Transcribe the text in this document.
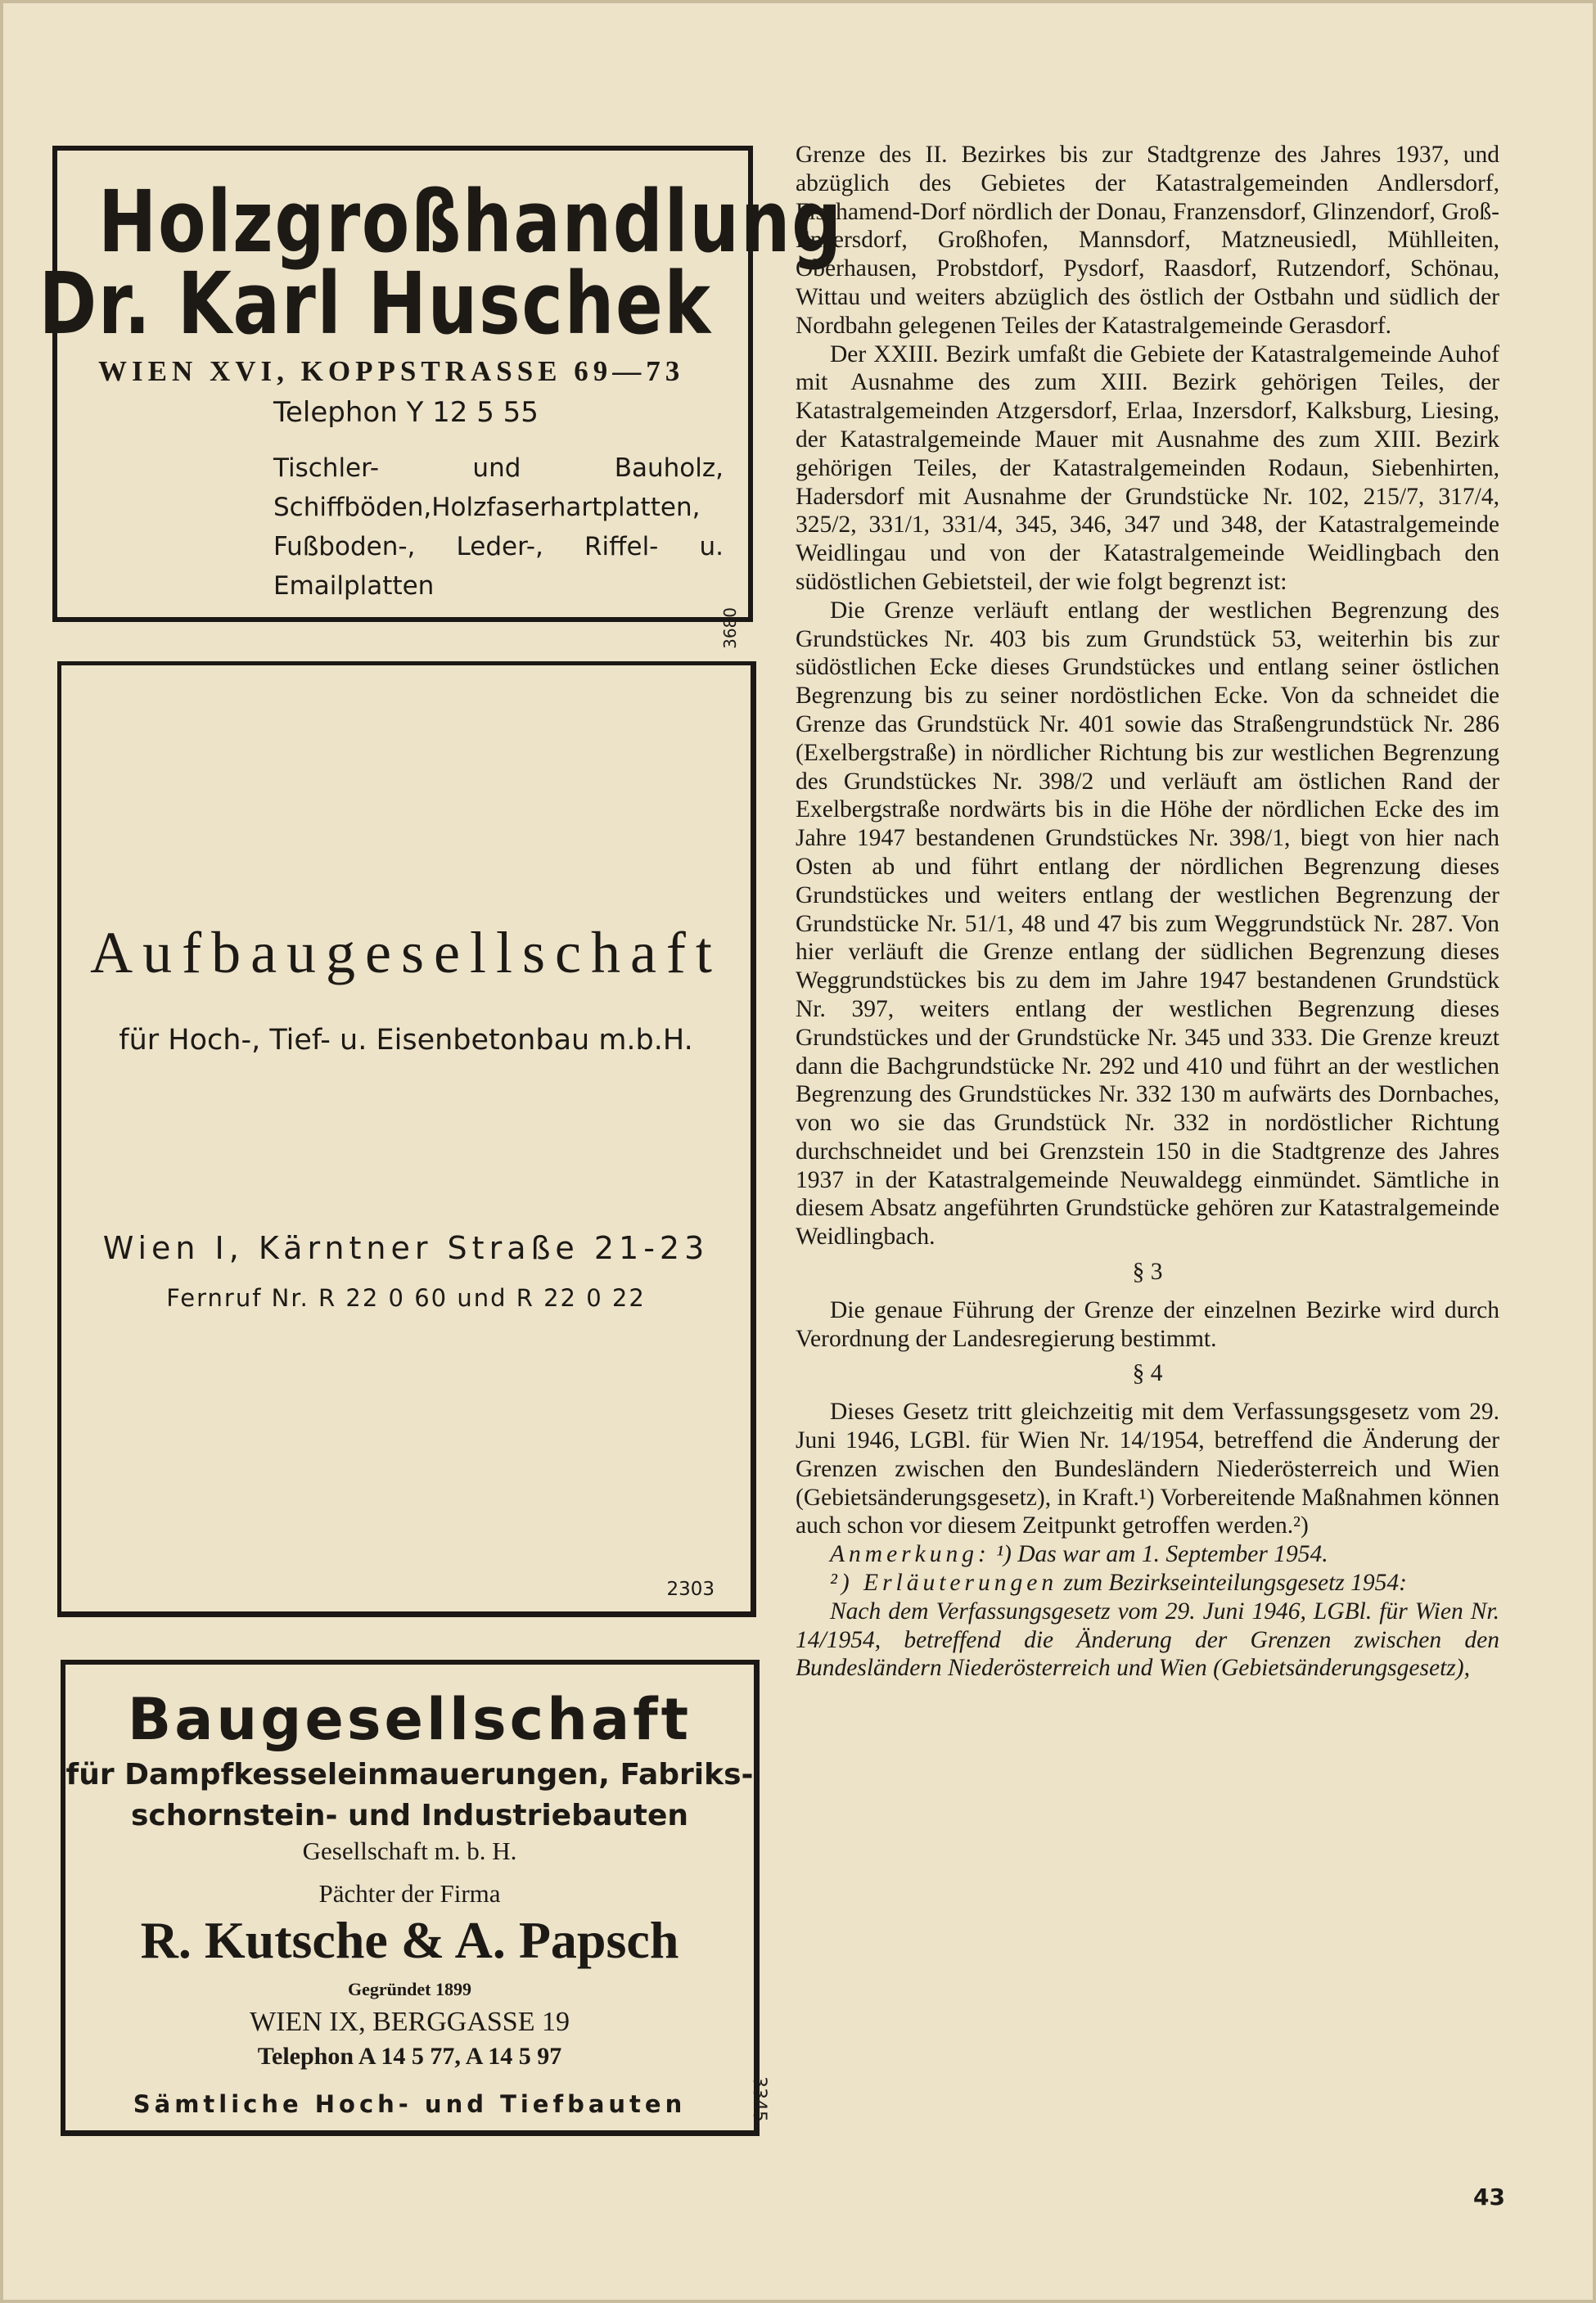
Holzgroßhandlung
Dr. Karl Huschek
WIEN XVI, KOPPSTRASSE 69—73
Telephon Y 12 5 55
Tischler- und Bauholz, Schiffböden,Holzfaserhartplatten, Fußboden-, Leder-, Riffel- u. Emailplatten
3680
Aufbaugesellschaft
für Hoch-, Tief- u. Eisenbetonbau m.b.H.
Wien I, Kärntner Straße 21-23
Fernruf Nr. R 22 0 60 und R 22 0 22
2303
Baugesellschaft
für Dampfkesseleinmauerungen, Fabriks-
schornstein- und Industriebauten
Gesellschaft m. b. H.
Pächter der Firma
R. Kutsche & A. Papsch
Gegründet 1899
WIEN IX, BERGGASSE 19
Telephon A 14 5 77, A 14 5 97
Sämtliche Hoch- und Tiefbauten	3345

Grenze des II. Bezirkes bis zur Stadtgrenze des Jahres 1937, und abzüglich des Gebietes der Katastralgemeinden Andlersdorf, Fischamend-Dorf nördlich der Donau, Franzensdorf, Glinzendorf, Groß-Enzersdorf, Großhofen, Mannsdorf, Matzneusiedl, Mühlleiten, Oberhausen, Probstdorf, Pysdorf, Raasdorf, Rutzendorf, Schönau, Wittau und weiters abzüglich des östlich der Ostbahn und südlich der Nordbahn gelegenen Teiles der Katastralgemeinde Gerasdorf.

Der XXIII. Bezirk umfaßt die Gebiete der Katastralgemeinde Auhof mit Ausnahme des zum XIII. Bezirk gehörigen Teiles, der Katastralgemeinden Atzgersdorf, Erlaa, Inzersdorf, Kalksburg, Liesing, der Katastralgemeinde Mauer mit Ausnahme des zum XIII. Bezirk gehörigen Teiles, der Katastralgemeinden Rodaun, Siebenhirten, Hadersdorf mit Ausnahme der Grundstücke Nr. 102, 215/7, 317/4, 325/2, 331/1, 331/4, 345, 346, 347 und 348, der Katastralgemeinde Weidlingau und von der Katastralgemeinde Weidlingbach den südöstlichen Gebietsteil, der wie folgt begrenzt ist:

Die Grenze verläuft entlang der westlichen Begrenzung des Grundstückes Nr. 403 bis zum Grundstück 53, weiterhin bis zur südöstlichen Ecke dieses Grundstückes und entlang seiner östlichen Begrenzung bis zu seiner nordöstlichen Ecke. Von da schneidet die Grenze das Grundstück Nr. 401 sowie das Straßengrundstück Nr. 286 (Exelbergstraße) in nördlicher Richtung bis zur westlichen Begrenzung des Grundstückes Nr. 398/2 und verläuft am östlichen Rand der Exelbergstraße nordwärts bis in die Höhe der nördlichen Ecke des im Jahre 1947 bestandenen Grundstückes Nr. 398/1, biegt von hier nach Osten ab und führt entlang der nördlichen Begrenzung dieses Grundstückes und weiters entlang der westlichen Begrenzung der Grundstücke Nr. 51/1, 48 und 47 bis zum Weggrundstück Nr. 287. Von hier verläuft die Grenze entlang der südlichen Begrenzung dieses Weggrundstückes bis zu dem im Jahre 1947 bestandenen Grundstück Nr. 397, weiters entlang der westlichen Begrenzung dieses Grundstückes und der Grundstücke Nr. 345 und 333. Die Grenze kreuzt dann die Bachgrundstücke Nr. 292 und 410 und führt an der westlichen Begrenzung des Grundstückes Nr. 332 130 m aufwärts des Dornbaches, von wo sie das Grundstück Nr. 332 in nordöstlicher Richtung durchschneidet und bei Grenzstein 150 in die Stadtgrenze des Jahres 1937 in der Katastralgemeinde Neuwaldegg einmündet. Sämtliche in diesem Absatz angeführten Grundstücke gehören zur Katastralgemeinde Weidlingbach.

§ 3

Die genaue Führung der Grenze der einzelnen Bezirke wird durch Verordnung der Landesregierung bestimmt.

§ 4

Dieses Gesetz tritt gleichzeitig mit dem Verfassungsgesetz vom 29. Juni 1946, LGBl. für Wien Nr. 14/1954, betreffend die Änderung der Grenzen zwischen den Bundesländern Niederösterreich und Wien (Gebietsänderungsgesetz), in Kraft.¹) Vorbereitende Maßnahmen können auch schon vor diesem Zeitpunkt getroffen werden.²)

Anmerkung: ¹) Das war am 1. September 1954.

²) Erläuterungen zum Bezirkseinteilungsgesetz 1954:

Nach dem Verfassungsgesetz vom 29. Juni 1946, LGBl. für Wien Nr. 14/1954, betreffend die Änderung der Grenzen zwischen den Bundesländern Niederösterreich und Wien (Gebietsänderungsgesetz),

43
